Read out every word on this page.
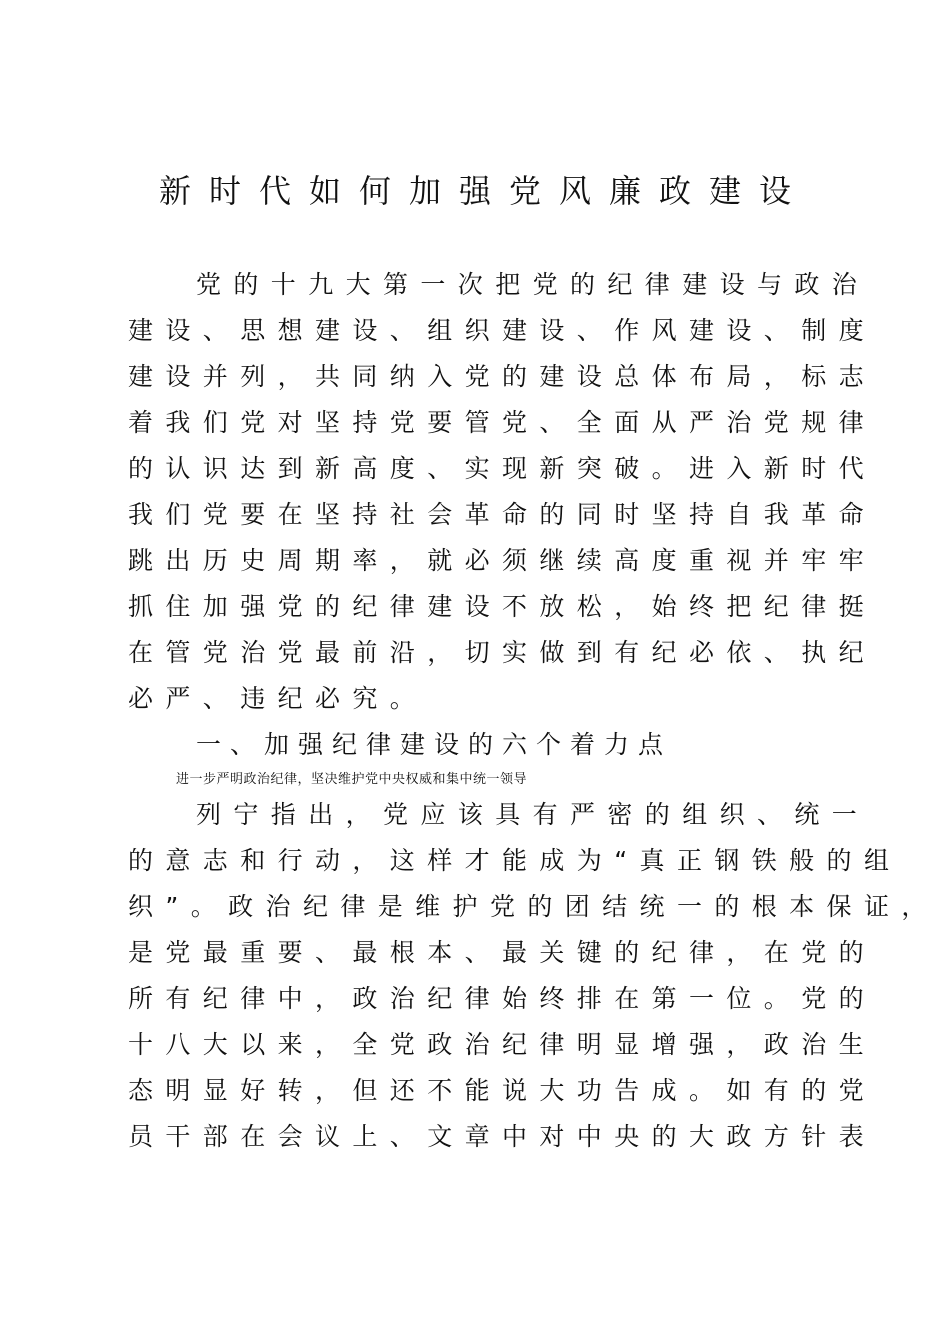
新时代如何加强党风廉政建设

党的十九大第一次把党的纪律建设与政治

建设、思想建设、组织建设、作风建设、制度

建设并列，共同纳入党的建设总体布局，标志

着我们党对坚持党要管党、全面从严治党规律

的认识达到新高度、实现新突破。进入新时代

我们党要在坚持社会革命的同时坚持自我革命

跳出历史周期率，就必须继续高度重视并牢牢

抓住加强党的纪律建设不放松，始终把纪律挺

在管党治党最前沿，切实做到有纪必依、执纪

必严、违纪必究。

一、加强纪律建设的六个着力点

进一步严明政治纪律，坚决维护党中央权威和集中统一领导

列宁指出，党应该具有严密的组织、统一

的意志和行动，这样才能成为“真正钢铁般的组

织”。政治纪律是维护党的团结统一的根本保证，

是党最重要、最根本、最关键的纪律，在党的

所有纪律中，政治纪律始终排在第一位。党的

十八大以来，全党政治纪律明显增强，政治生

态明显好转，但还不能说大功告成。如有的党

员干部在会议上、文章中对中央的大政方针表
